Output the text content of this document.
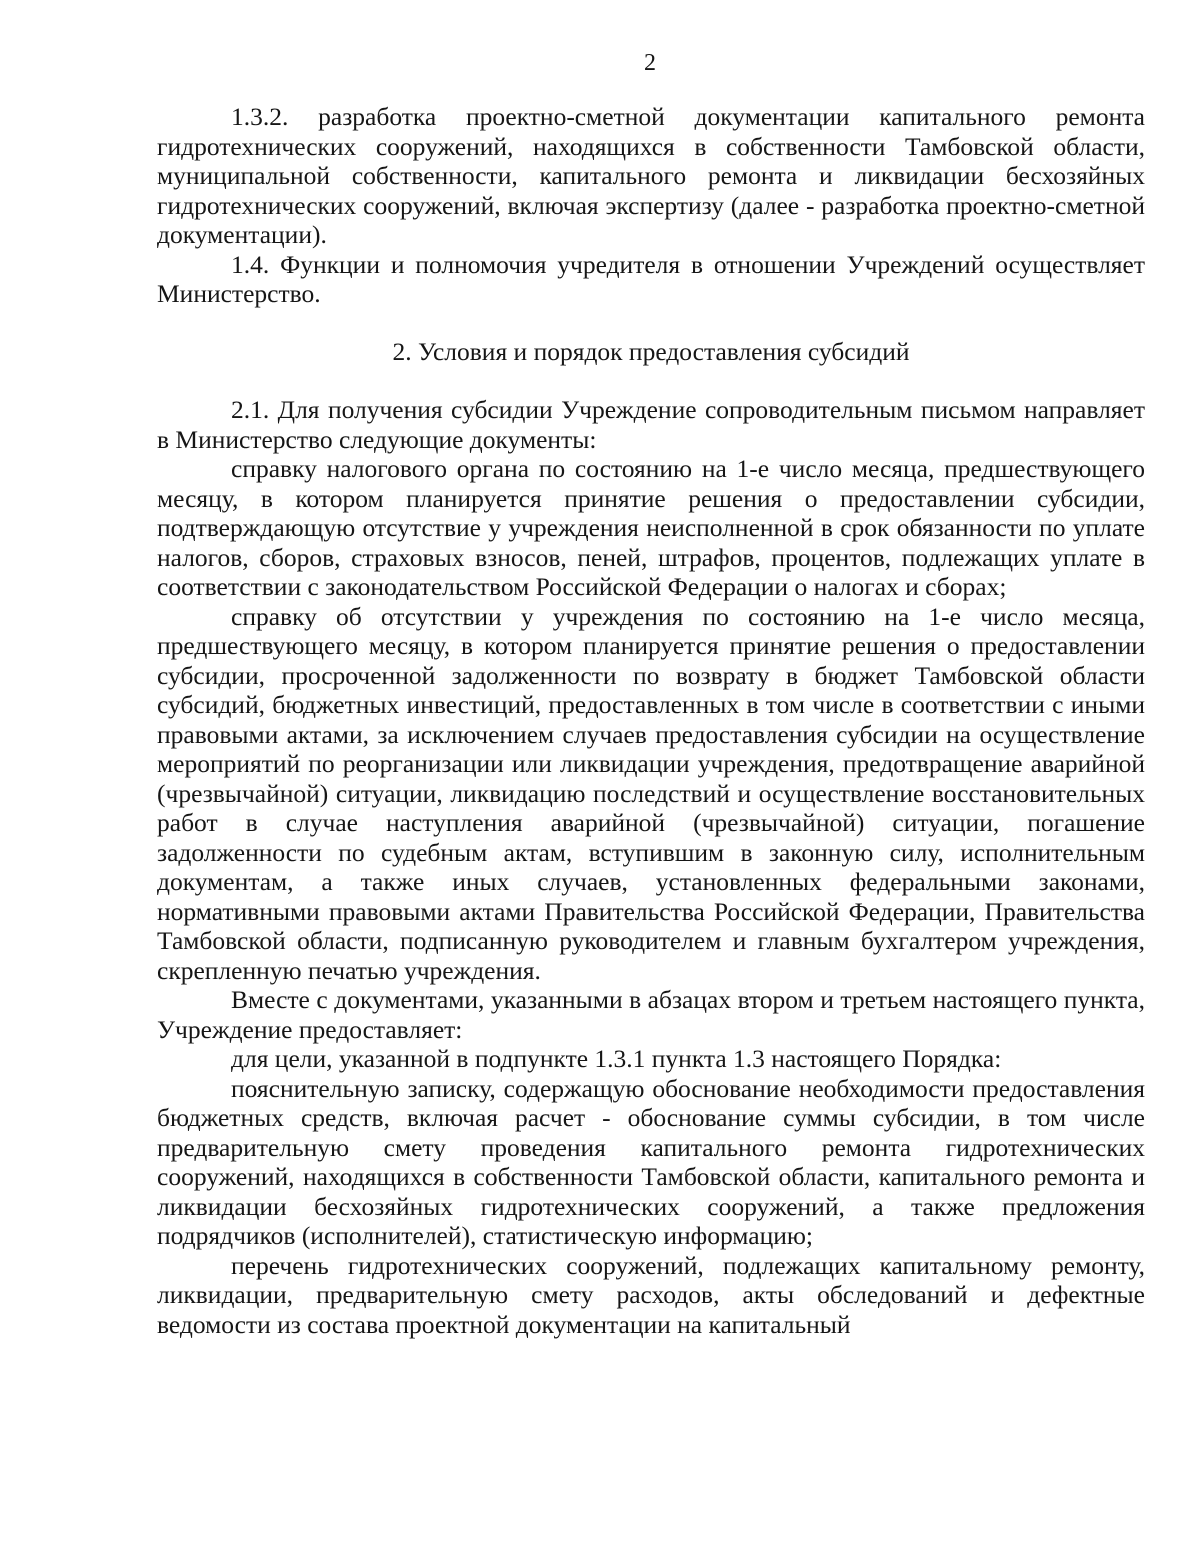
2

1.3.2. разработка проектно-сметной документации капитального ремонта гидротехнических сооружений, находящихся в собственности Тамбовской области, муниципальной собственности, капитального ремонта и ликвидации бесхозяйных гидротехнических сооружений, включая экспертизу (далее - разработка проектно-сметной документации).

1.4. Функции и полномочия учредителя в отношении Учреждений осуществляет Министерство.

2. Условия и порядок предоставления субсидий

2.1. Для получения субсидии Учреждение сопроводительным письмом направляет в Министерство следующие документы:

справку налогового органа по состоянию на 1-е число месяца, предшествующего месяцу, в котором планируется принятие решения о предоставлении субсидии, подтверждающую отсутствие у учреждения неисполненной в срок обязанности по уплате налогов, сборов, страховых взносов, пеней, штрафов, процентов, подлежащих уплате в соответствии с законодательством Российской Федерации о налогах и сборах;

справку об отсутствии у учреждения по состоянию на 1-е число месяца, предшествующего месяцу, в котором планируется принятие решения о предоставлении субсидии, просроченной задолженности по возврату в бюджет Тамбовской области субсидий, бюджетных инвестиций, предоставленных в том числе в соответствии с иными правовыми актами, за исключением случаев предоставления субсидии на осуществление мероприятий по реорганизации или ликвидации учреждения, предотвращение аварийной (чрезвычайной) ситуации, ликвидацию последствий и осуществление восстановительных работ в случае наступления аварийной (чрезвычайной) ситуации, погашение задолженности по судебным актам, вступившим в законную силу, исполнительным документам, а также иных случаев, установленных федеральными законами, нормативными правовыми актами Правительства Российской Федерации, Правительства Тамбовской области, подписанную руководителем и главным бухгалтером учреждения, скрепленную печатью учреждения.

Вместе с документами, указанными в абзацах втором и третьем настоящего пункта, Учреждение предоставляет:

для цели, указанной в подпункте 1.3.1 пункта 1.3 настоящего Порядка:

пояснительную записку, содержащую обоснование необходимости предоставления бюджетных средств, включая расчет - обоснование суммы субсидии, в том числе предварительную смету проведения капитального ремонта гидротехнических сооружений, находящихся в собственности Тамбовской области, капитального ремонта и ликвидации бесхозяйных гидротехнических сооружений, а также предложения подрядчиков (исполнителей), статистическую информацию;

перечень гидротехнических сооружений, подлежащих капитальному ремонту, ликвидации, предварительную смету расходов, акты обследований и дефектные ведомости из состава проектной документации на капитальный
